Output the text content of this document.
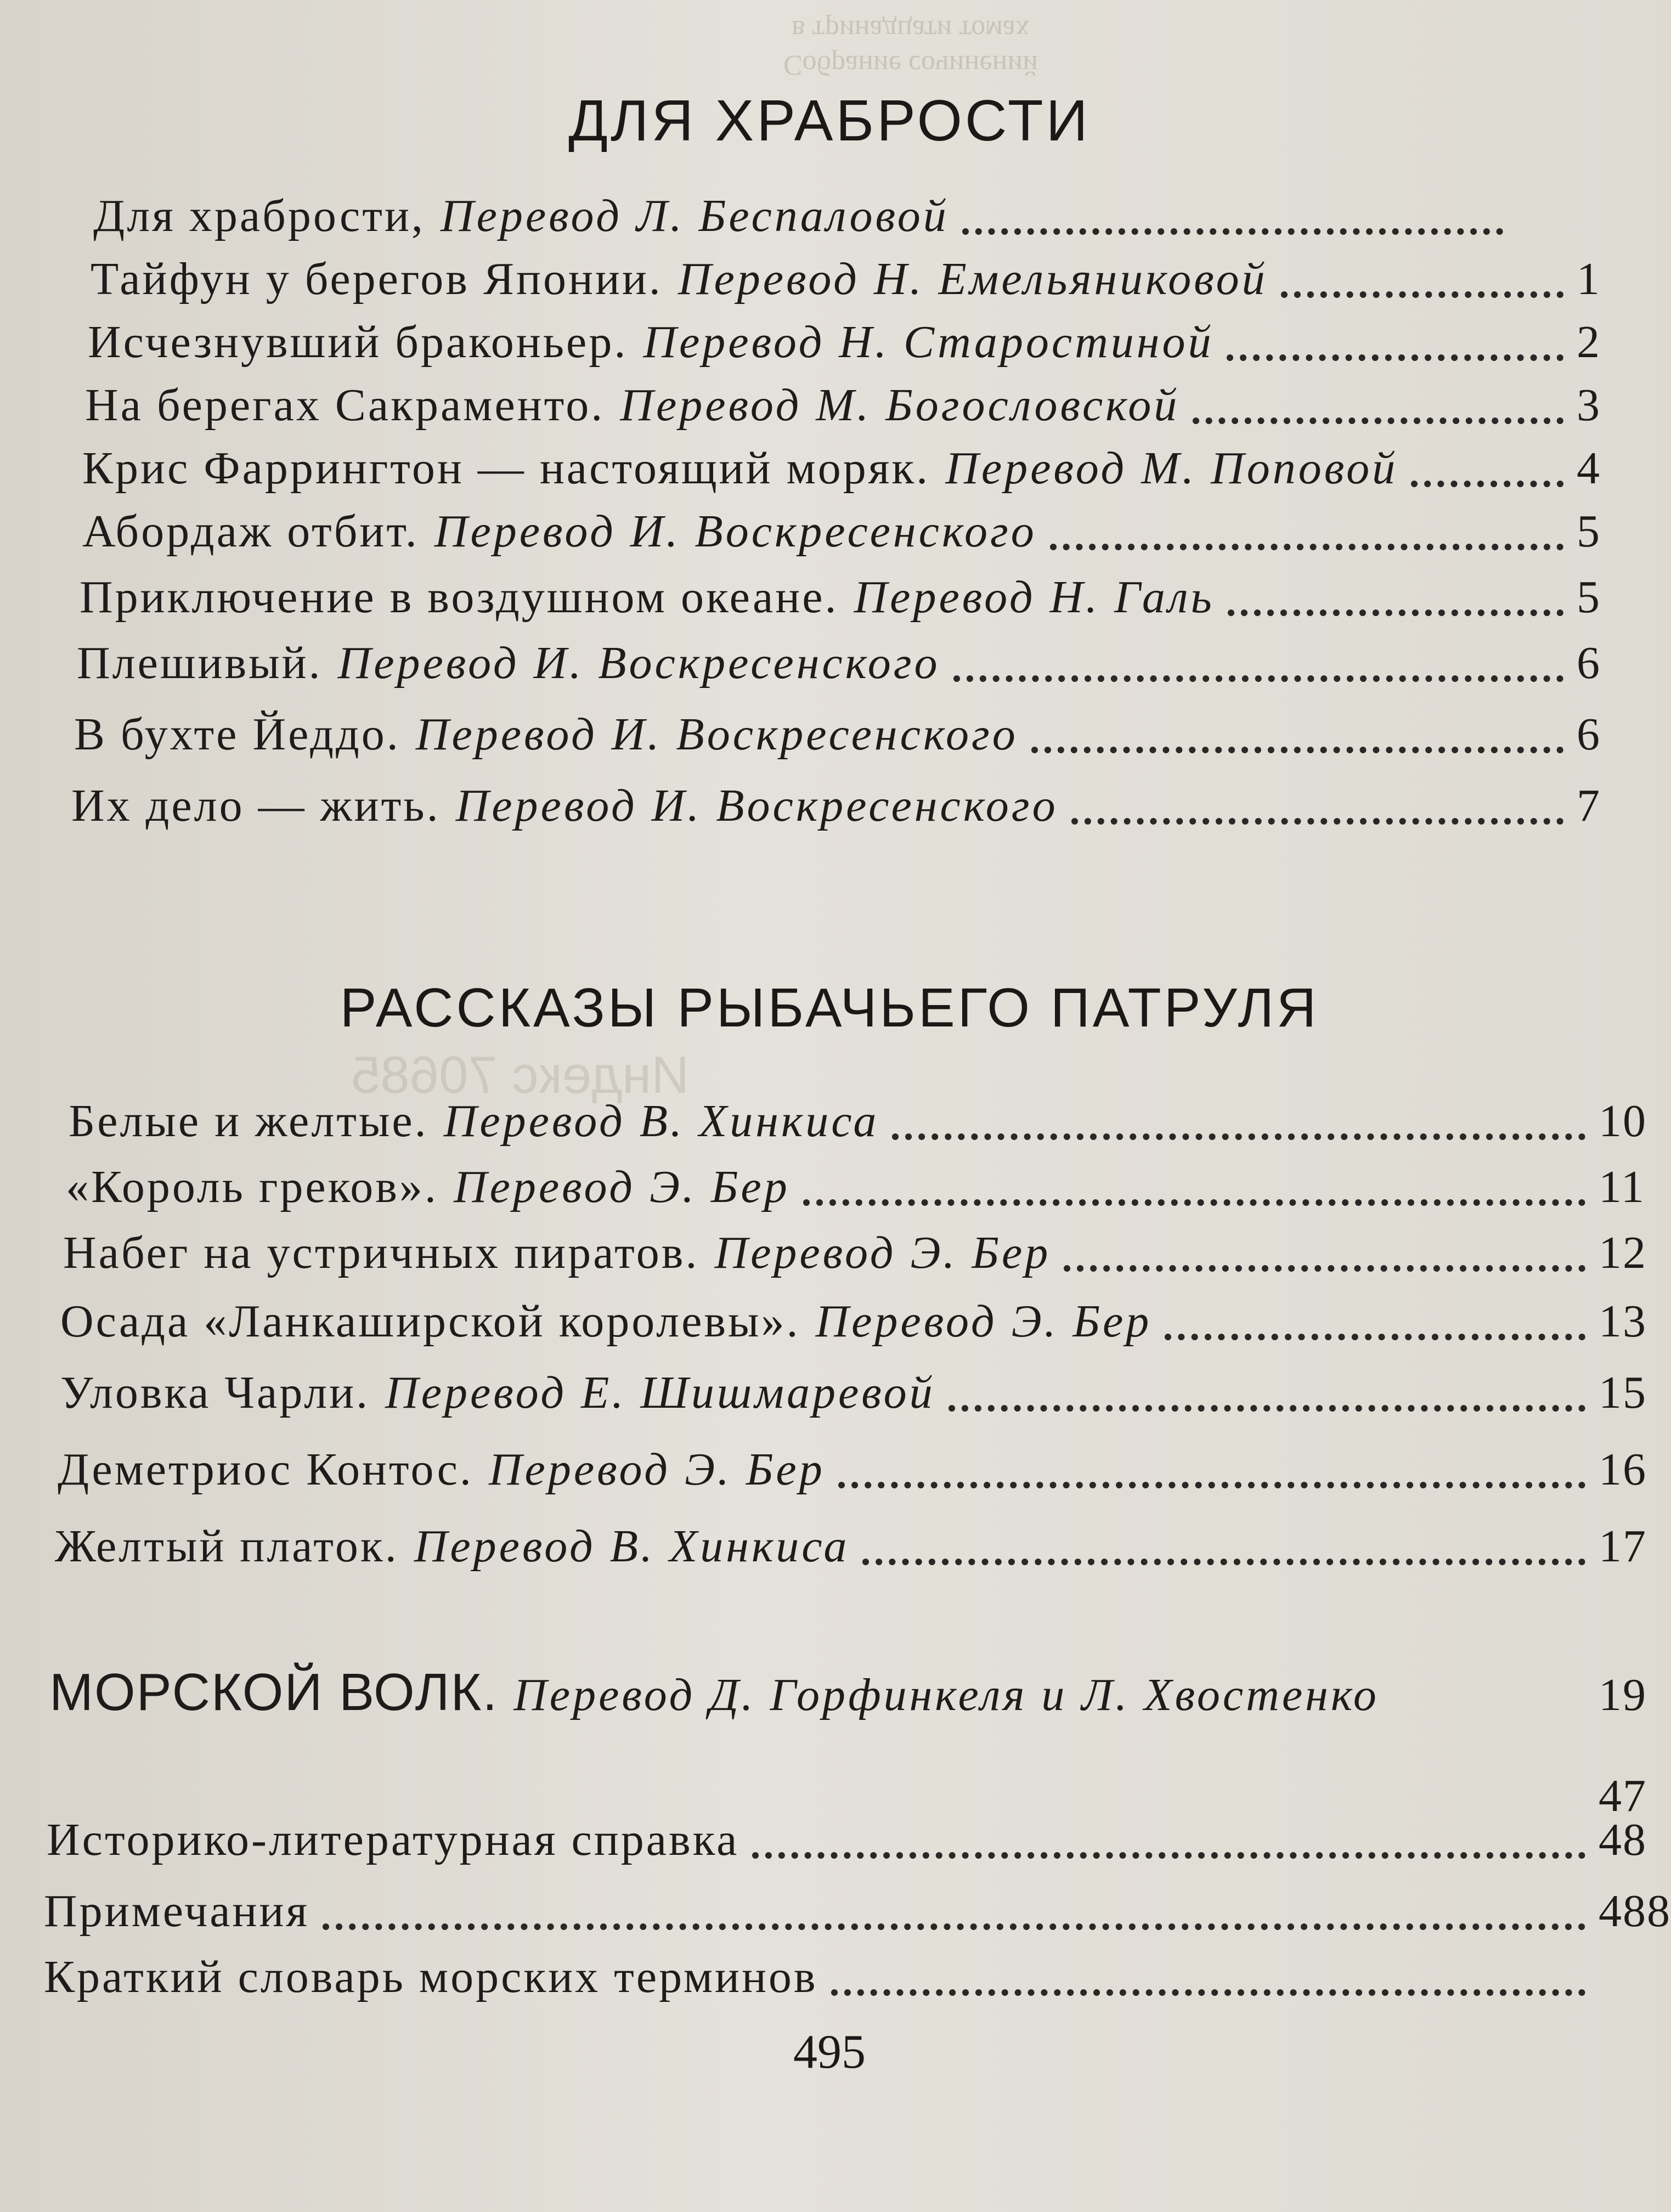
Собрание сочинений
в тринадцати томах
Индекс 70685
ДЛЯ ХРАБРОСТИ
Для храбрости, Перевод Л. Беспаловой
Тайфун у берегов Японии. Перевод Н. Емельяниковой	1
Исчезнувший браконьер. Перевод Н. Старостиной	2
На берегах Сакраменто. Перевод М. Богословской	3
Крис Фаррингтон — настоящий моряк. Перевод М. Поповой	4
Абордаж отбит. Перевод И. Воскресенского	5
Приключение в воздушном океане. Перевод Н. Галь	5
Плешивый. Перевод И. Воскресенского	6
В бухте Йеддо. Перевод И. Воскресенского	6
Их дело — жить. Перевод И. Воскресенского	7
РАССКАЗЫ РЫБАЧЬЕГО ПАТРУЛЯ
Белые и желтые. Перевод В. Хинкиса	10
«Король греков». Перевод Э. Бер	11
Набег на устричных пиратов. Перевод Э. Бер	12
Осада «Ланкаширской королевы». Перевод Э. Бер	13
Уловка Чарли. Перевод Е. Шишмаревой	15
Деметриос Контос. Перевод Э. Бер	16
Желтый платок. Перевод В. Хинкиса	17
МОРСКОЙ ВОЛК. Перевод Д. Горфинкеля и Л. Хвостенко	19
47
Историко-литературная справка	48
Примечания	488
Краткий словарь морских терминов
495
